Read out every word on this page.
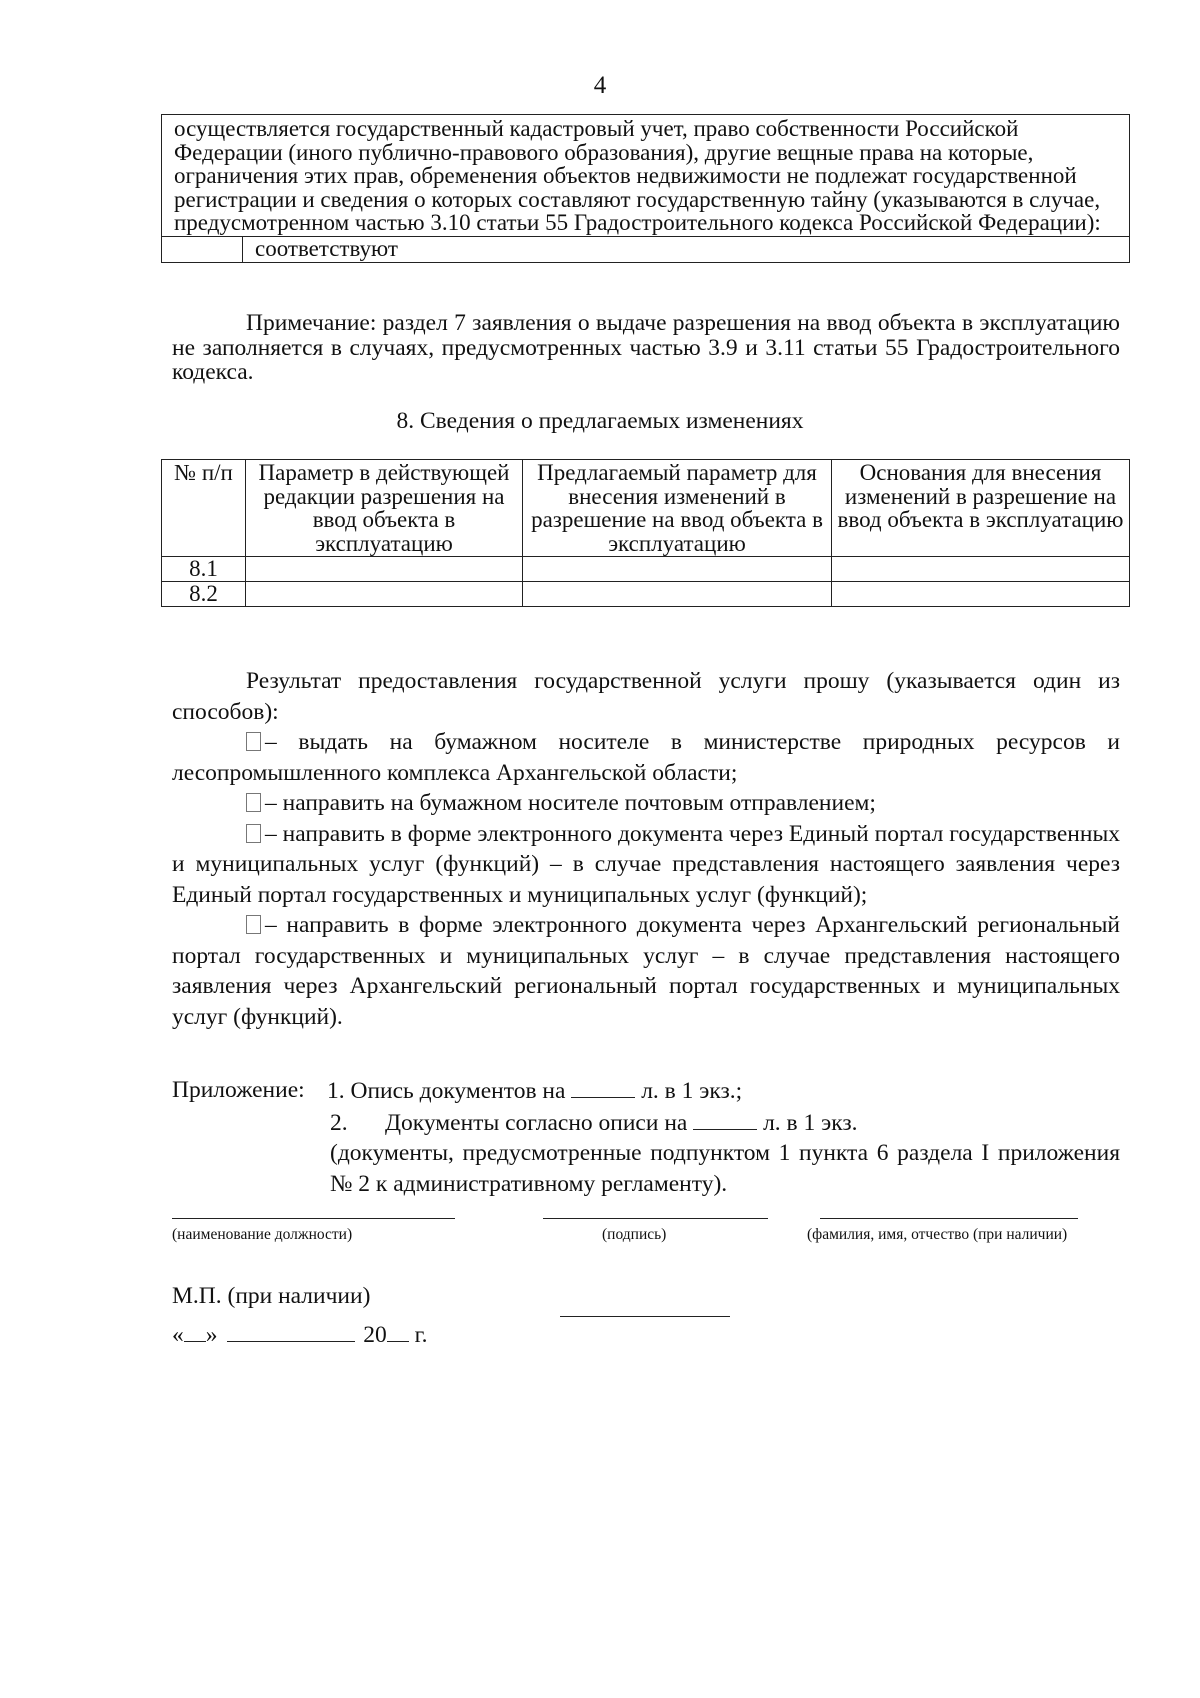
4
осуществляется государственный кадастровый учет, право собственности Российской Федерации (иного публично-правового образования), другие вещные права на которые, ограничения этих прав, обременения объектов недвижимости не подлежат государственной регистрации и сведения о которых составляют государственную тайну (указываются в случае, предусмотренном частью 3.10 статьи 55 Градостроительного кодекса Российской Федерации):
	соответствуют
Примечание: раздел 7 заявления о выдаче разрешения на ввод объекта в эксплуатацию не заполняется в случаях, предусмотренных частью 3.9 и 3.11 статьи 55 Градостроительного кодекса.
8. Сведения о предлагаемых изменениях
№ п/п	Параметр в действующей редакции разрешения на ввод объекта в эксплуатацию	Предлагаемый параметр для внесения изменений в разрешение на ввод объекта в эксплуатацию	Основания для внесения изменений в разрешение на ввод объекта в эксплуатацию
8.1			
8.2			
Результат предоставления государственной услуги прошу (указывается один из способов):
– выдать на бумажном носителе в министерстве природных ресурсов и лесопромышленного комплекса Архангельской области;
– направить на бумажном носителе почтовым отправлением;
– направить в форме электронного документа через Единый портал государственных и муниципальных услуг (функций) – в случае представления настоящего заявления через Единый портал государственных и муниципальных услуг (функций);
– направить в форме электронного документа через Архангельский региональный портал государственных и муниципальных услуг – в случае представления настоящего заявления через Архангельский региональный портал государственных и муниципальных услуг (функций).
Приложение: 1. Опись документов на	л. в 1 экз.;
2. Документы согласно описи на	л. в 1 экз.
(документы, предусмотренные подпунктом 1 пункта 6 раздела I приложения № 2 к административному регламенту).
(наименование должности)	(подпись)	(фамилия, имя, отчество (при наличии)
М.П. (при наличии)
« »	20 г.
